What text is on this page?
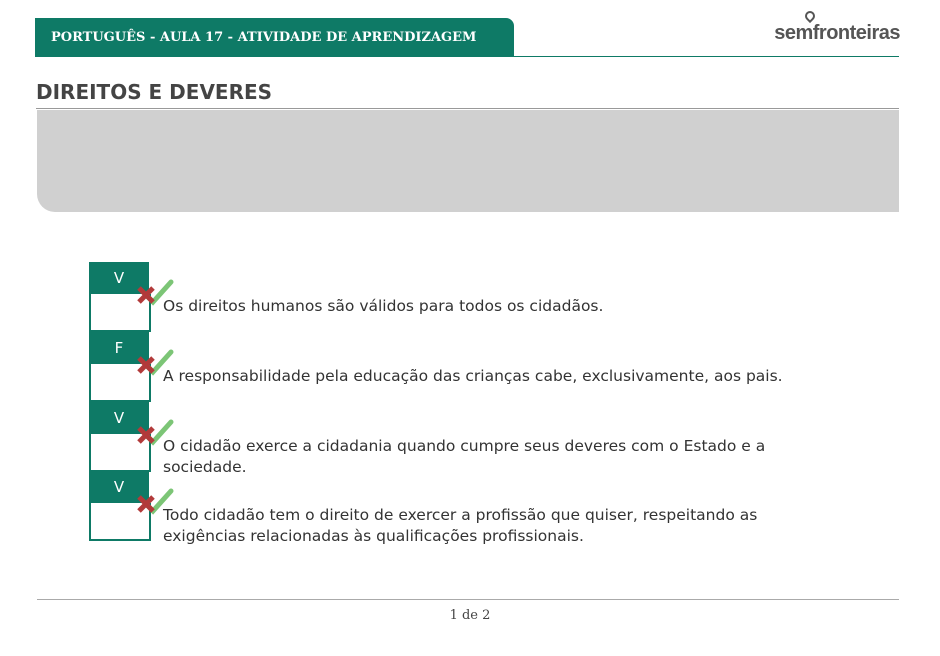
PORTUGUÊS - AULA 17 - ATIVIDADE DE APRENDIZAGEM	semfronteiras
DIREITOS E DEVERES
V
Os direitos humanos são válidos para todos os cidadãos.
F
A responsabilidade pela educação das crianças cabe, exclusivamente, aos pais.
V
O cidadão exerce a cidadania quando cumpre seus deveres com o Estado e a sociedade.
V
Todo cidadão tem o direito de exercer a profissão que quiser, respeitando as exigências relacionadas às qualificações profissionais.
1 de 2
